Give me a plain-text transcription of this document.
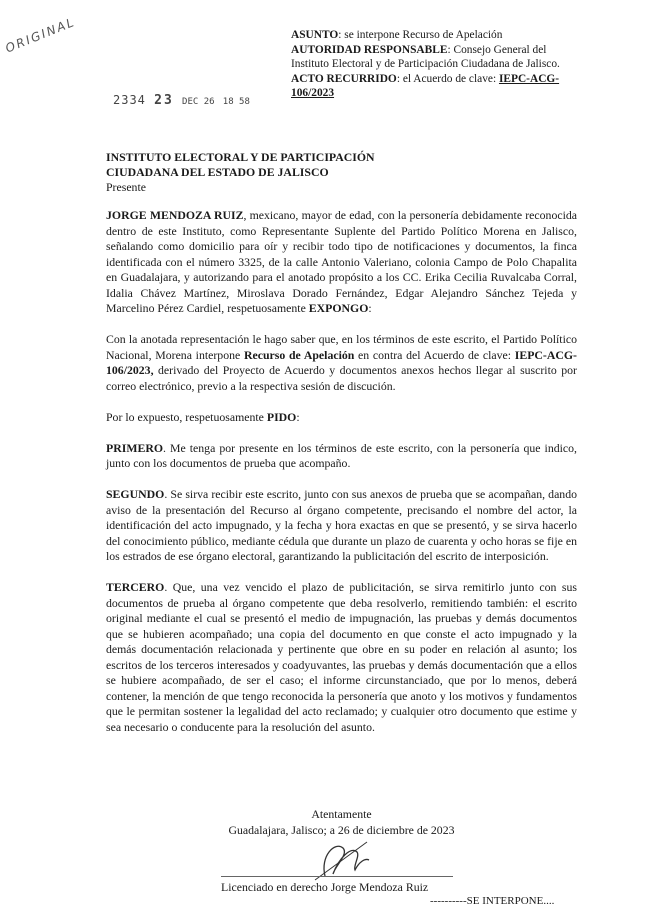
ORIGINAL	ASUNTO: se interpone Recurso de Apelación
AUTORIDAD RESPONSABLE: Consejo General del Instituto Electoral y de Participación Ciudadana de Jalisco.
ACTO RECURRIDO: el Acuerdo de clave: IEPC-ACG-106/2023
2334 23 DEC 26 18 58
INSTITUTO ELECTORAL Y DE PARTICIPACIÓN
CIUDADANA DEL ESTADO DE JALISCO
Presente

JORGE MENDOZA RUIZ, mexicano, mayor de edad, con la personería debidamente reconocida dentro de este Instituto, como Representante Suplente del Partido Político Morena en Jalisco, señalando como domicilio para oír y recibir todo tipo de notificaciones y documentos, la finca identificada con el número 3325, de la calle Antonio Valeriano, colonia Campo de Polo Chapalita en Guadalajara, y autorizando para el anotado propósito a los CC. Erika Cecilia Ruvalcaba Corral, Idalia Chávez Martínez, Miroslava Dorado Fernández, Edgar Alejandro Sánchez Tejeda y Marcelino Pérez Cardiel, respetuosamente EXPONGO:

Con la anotada representación le hago saber que, en los términos de este escrito, el Partido Político Nacional, Morena interpone Recurso de Apelación en contra del Acuerdo de clave: IEPC-ACG-106/2023, derivado del Proyecto de Acuerdo y documentos anexos hechos llegar al suscrito por correo electrónico, previo a la respectiva sesión de discución.

Por lo expuesto, respetuosamente PIDO:

PRIMERO. Me tenga por presente en los términos de este escrito, con la personería que indico, junto con los documentos de prueba que acompaño.

SEGUNDO. Se sirva recibir este escrito, junto con sus anexos de prueba que se acompañan, dando aviso de la presentación del Recurso al órgano competente, precisando el nombre del actor, la identificación del acto impugnado, y la fecha y hora exactas en que se presentó, y se sirva hacerlo del conocimiento público, mediante cédula que durante un plazo de cuarenta y ocho horas se fije en los estrados de ese órgano electoral, garantizando la publicitación del escrito de interposición.

TERCERO. Que, una vez vencido el plazo de publicitación, se sirva remitirlo junto con sus documentos de prueba al órgano competente que deba resolverlo, remitiendo también: el escrito original mediante el cual se presentó el medio de impugnación, las pruebas y demás documentos que se hubieren acompañado; una copia del documento en que conste el acto impugnado y la demás documentación relacionada y pertinente que obre en su poder en relación al asunto; los escritos de los terceros interesados y coadyuvantes, las pruebas y demás documentación que a ellos se hubiere acompañado, de ser el caso; el informe circunstanciado, que por lo menos, deberá contener, la mención de que tengo reconocida la personería que anoto y los motivos y fundamentos que le permitan sostener la legalidad del acto reclamado; y cualquier otro documento que estime y sea necesario o conducente para la resolución del asunto.

Atentamente
Guadalajara, Jalisco; a 26 de diciembre de 2023
Licenciado en derecho Jorge Mendoza Ruiz
----------SE INTERPONE....
